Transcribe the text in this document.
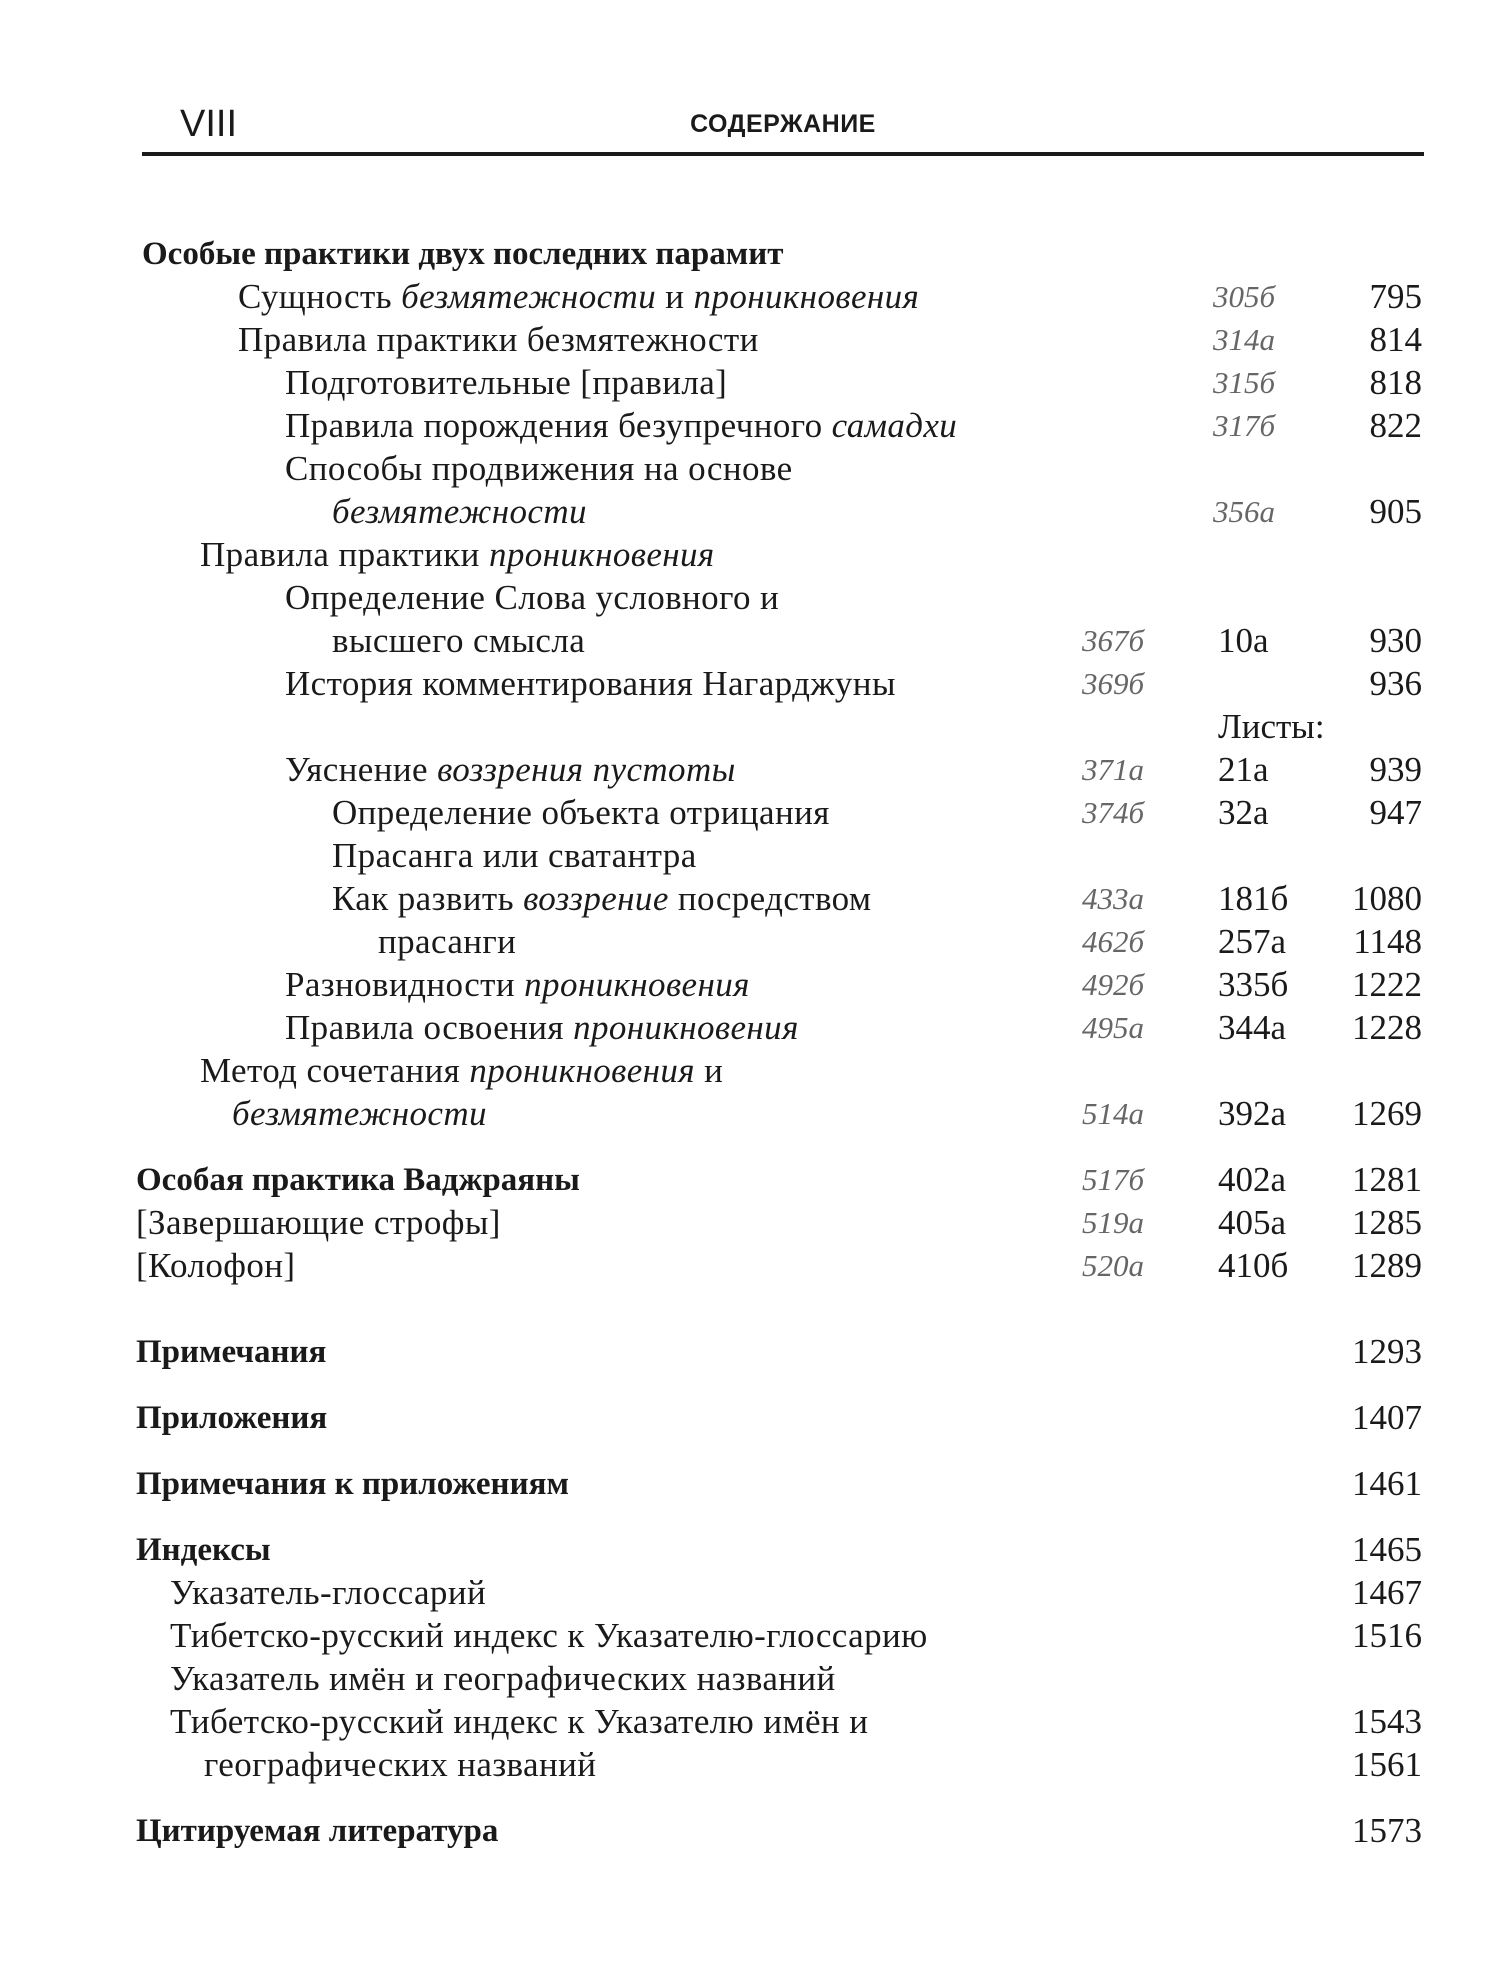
VIII	СОДЕРЖАНИЕ
Особые практики двух последних парамит
Сущность безмятежности и проникновения	305б	795
Правила практики безмятежности	314а	814
Подготовительные [правила]	315б	818
Правила порождения безупречного самадхи	317б	822
Способы продвижения на основе
безмятежности	356а	905
Правила практики проникновения
Определение Слова условного и
высшего смысла	367б	10а	930
История комментирования Нагарджуны	369б	936
Листы:
Уяснение воззрения пустоты	371а	21а	939
Определение объекта отрицания	374б	32а	947
Прасанга или сватантра
Как развить воззрение посредством	433а	181б	1080
прасанги	462б	257а	1148
Разновидности проникновения	492б	335б	1222
Правила освоения проникновения	495а	344а	1228
Метод сочетания проникновения и
безмятежности	514а	392а	1269
Особая практика Ваджраяны	517б	402а	1281
[Завершающие строфы]	519а	405а	1285
[Колофон]	520а	410б	1289
Примечания	1293
Приложения	1407
Примечания к приложениям	1461
Индексы	1465
Указатель-глоссарий	1467
Тибетско-русский индекс к Указателю-глоссарию	1516
Указатель имён и географических названий
Тибетско-русский индекс к Указателю имён и	1543
географических названий	1561
Цитируемая литература	1573
